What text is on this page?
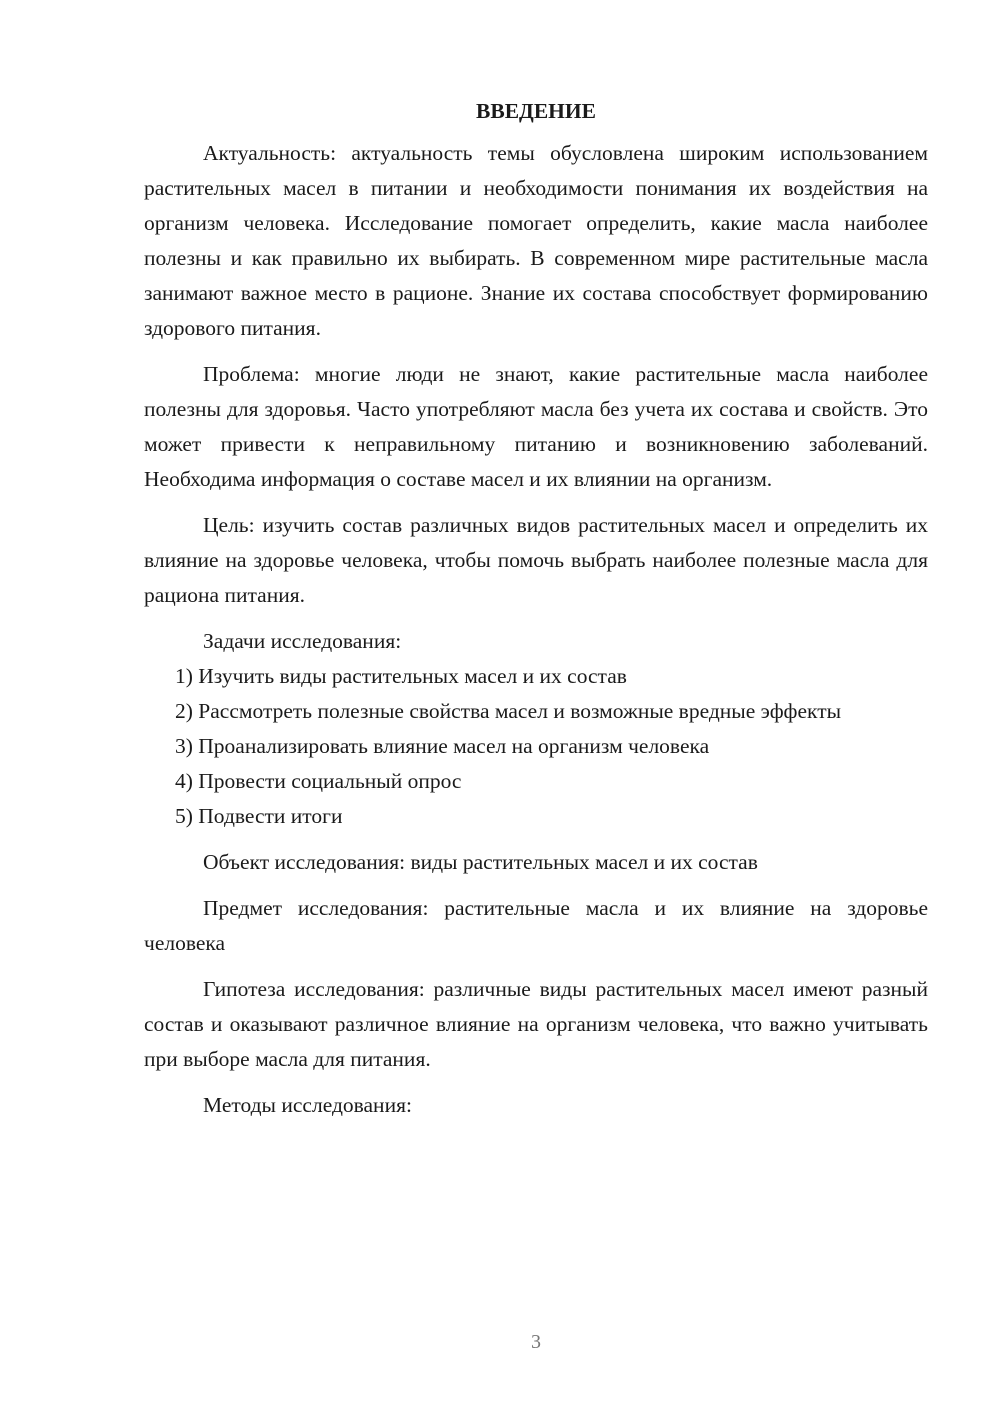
ВВЕДЕНИЕ

Актуальность: актуальность темы обусловлена широким использованием растительных масел в питании и необходимости понимания их воздействия на организм человека. Исследование помогает определить, какие масла наиболее полезны и как правильно их выбирать. В современном мире растительные масла занимают важное место в рационе. Знание их состава способствует формированию здорового питания.

Проблема: многие люди не знают, какие растительные масла наиболее полезны для здоровья. Часто употребляют масла без учета их состава и свойств. Это может привести к неправильному питанию и возникновению заболеваний. Необходима информация о составе масел и их влиянии на организм.

Цель: изучить состав различных видов растительных масел и определить их влияние на здоровье человека, чтобы помочь выбрать наиболее полезные масла для рациона питания.

Задачи исследования:

1) Изучить виды растительных масел и их состав

2) Рассмотреть полезные свойства масел и возможные вредные эффекты

3) Проанализировать влияние масел на организм человека

4) Провести социальный опрос

5) Подвести итоги

Объект исследования: виды растительных масел и их состав

Предмет исследования: растительные масла и их влияние на здоровье человека

Гипотеза исследования: различные виды растительных масел имеют разный состав и оказывают различное влияние на организм человека, что важно учитывать при выборе масла для питания.

Методы исследования:

3
